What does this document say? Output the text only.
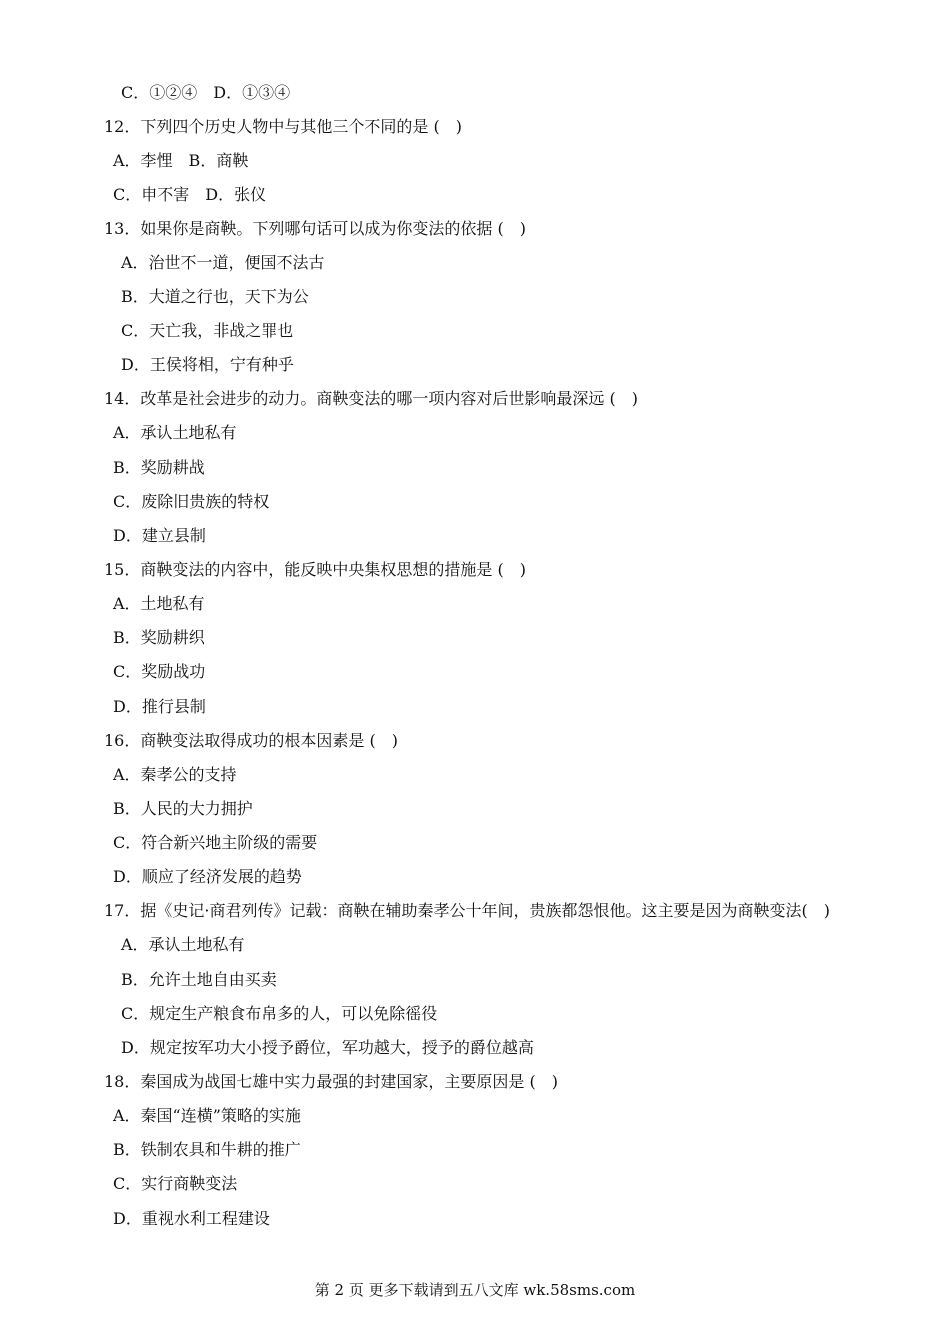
C．①②④　D．①③④
12．下列四个历史人物中与其他三个不同的是 (　)
A．李悝　B．商鞅
C．申不害　D．张仪
13．如果你是商鞅。下列哪句话可以成为你变法的依据 (　)
A．治世不一道，便国不法古
B．大道之行也，天下为公
C．天亡我，非战之罪也
D．王侯将相，宁有种乎
14．改革是社会进步的动力。商鞅变法的哪一项内容对后世影响最深远 (　)
A．承认土地私有
B．奖励耕战
C．废除旧贵族的特权
D．建立县制
15．商鞅变法的内容中，能反映中央集权思想的措施是 (　)
A．土地私有
B．奖励耕织
C．奖励战功
D．推行县制
16．商鞅变法取得成功的根本因素是 (　)
A．秦孝公的支持
B．人民的大力拥护
C．符合新兴地主阶级的需要
D．顺应了经济发展的趋势
17．据《史记·商君列传》记载：商鞅在辅助秦孝公十年间，贵族都怨恨他。这主要是因为商鞅变法(　)
A．承认土地私有
B．允许土地自由买卖
C．规定生产粮食布帛多的人，可以免除徭役
D．规定按军功大小授予爵位，军功越大，授予的爵位越高
18．秦国成为战国七雄中实力最强的封建国家，主要原因是 (　)
A．秦国“连横”策略的实施
B．铁制农具和牛耕的推广
C．实行商鞅变法
D．重视水利工程建设
第 2 页 更多下载请到五八文库 wk.58sms.com
